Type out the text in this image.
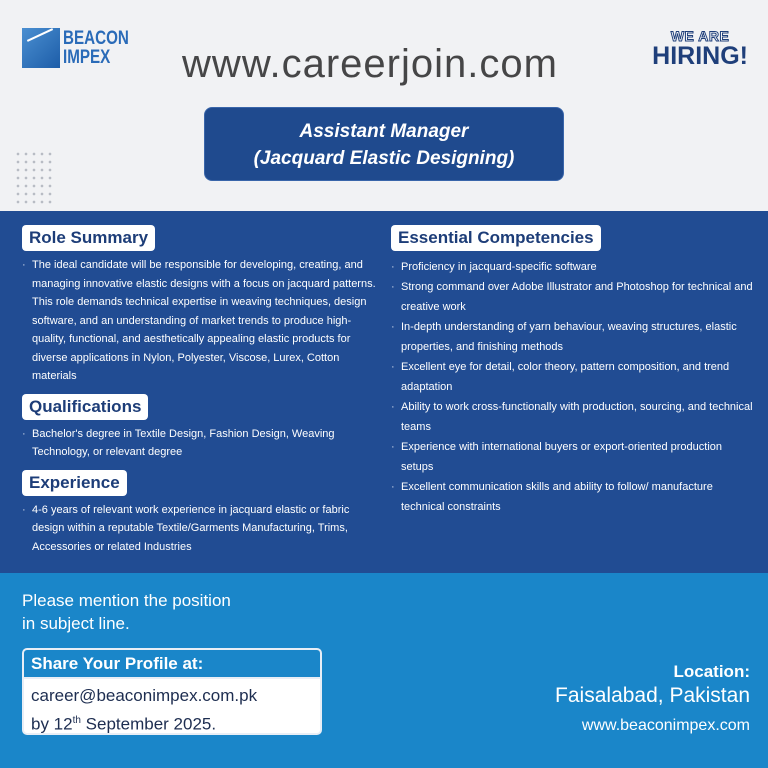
BEACON
IMPEX
WE ARE
HIRING!
www.careerjoin.com
Assistant Manager
(Jacquard Elastic Designing)
Role Summary
· The ideal candidate will be responsible for developing, creating, and managing innovative elastic designs with a focus on jacquard patterns. This role demands technical expertise in weaving techniques, design software, and an understanding of market trends to produce high-quality, functional, and aesthetically appealing elastic products for diverse applications in Nylon, Polyester, Viscose, Lurex, Cotton materials
Qualifications
· Bachelor's degree in Textile Design, Fashion Design, Weaving Technology, or relevant degree
Experience
· 4-6 years of relevant work experience in jacquard elastic or fabric design within a reputable Textile/Garments Manufacturing, Trims, Accessories or related Industries
Essential Competencies
· Proficiency in jacquard-specific software
· Strong command over Adobe Illustrator and Photoshop for technical and creative work
· In-depth understanding of yarn behaviour, weaving structures, elastic properties, and finishing methods
· Excellent eye for detail, color theory, pattern composition, and trend adaptation
· Ability to work cross-functionally with production, sourcing, and technical teams
· Experience with international buyers or export-oriented production setups
· Excellent communication skills and ability to follow/ manufacture technical constraints
Please mention the position
in subject line.
Share Your Profile at:
career@beaconimpex.com.pk
by 12th September 2025.
Location:
Faisalabad, Pakistan
www.beaconimpex.com
